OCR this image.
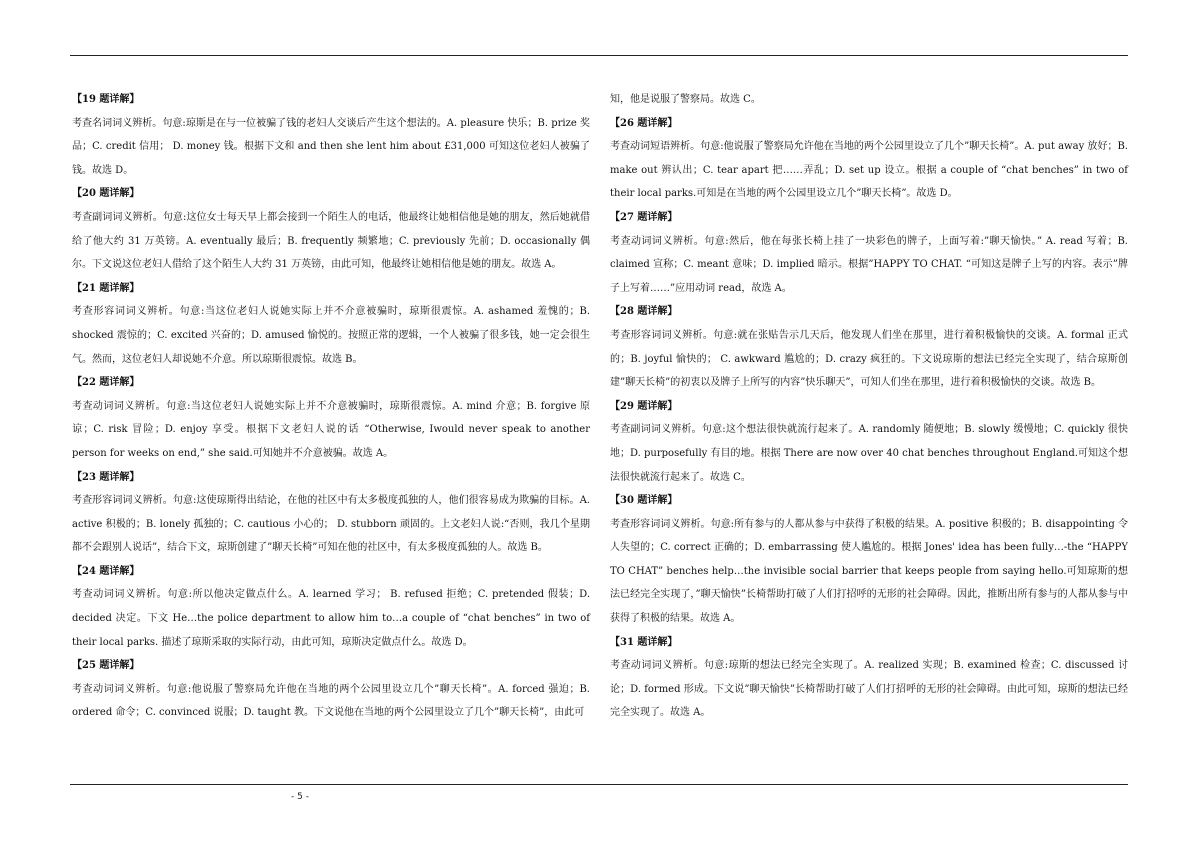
【19 题详解】

考查名词词义辨析。句意:琼斯是在与一位被骗了钱的老妇人交谈后产生这个想法的。A. pleasure 快乐；B. prize 奖品；C. credit 信用； D. money 钱。根据下文和 and then she lent him about £31,000 可知这位老妇人被骗了钱。故选 D。

【20 题详解】

考查副词词义辨析。句意:这位女士每天早上都会接到一个陌生人的电话，他最终让她相信他是她的朋友，然后她就借给了他大约 31 万英镑。A. eventually 最后；B. frequently 频繁地；C. previously 先前；D. occasionally 偶尔。下文说这位老妇人借给了这个陌生人大约 31 万英镑，由此可知，他最终让她相信他是她的朋友。故选 A。

【21 题详解】

考查形容词词义辨析。句意:当这位老妇人说她实际上并不介意被骗时，琼斯很震惊。A. ashamed 羞愧的；B. shocked 震惊的；C. excited 兴奋的；D. amused 愉悦的。按照正常的逻辑，一个人被骗了很多钱，她一定会很生气。然而，这位老妇人却说她不介意。所以琼斯很震惊。故选 B。

【22 题详解】

考查动词词义辨析。句意:当这位老妇人说她实际上并不介意被骗时，琼斯很震惊。A. mind 介意；B. forgive 原谅；C. risk 冒险；D. enjoy 享受。根据下文老妇人说的话 “Otherwise, Iwould never speak to another person for weeks on end,” she said.可知她并不介意被骗。故选 A。

【23 题详解】

考查形容词词义辨析。句意:这使琼斯得出结论，在他的社区中有太多极度孤独的人，他们很容易成为欺骗的目标。A. active 积极的；B. lonely 孤独的；C. cautious 小心的； D. stubborn 顽固的。上文老妇人说:“否则，我几个星期都不会跟别人说话”，结合下文，琼斯创建了”聊天长椅”可知在他的社区中，有太多极度孤独的人。故选 B。

【24 题详解】

考查动词词义辨析。句意:所以他决定做点什么。A. learned 学习； B. refused 拒绝；C. pretended 假装；D. decided 决定。下文 He…the police department to allow him to…a couple of “chat benches” in two of their local parks. 描述了琼斯采取的实际行动，由此可知，琼斯决定做点什么。故选 D。

【25 题详解】

考查动词词义辨析。句意:他说服了警察局允许他在当地的两个公园里设立几个”聊天长椅”。A. forced 强迫；B. ordered 命令；C. convinced 说服；D. taught 教。下文说他在当地的两个公园里设立了几个”聊天长椅”，由此可

知，他是说服了警察局。故选 C。

【26 题详解】

考查动词短语辨析。句意:他说服了警察局允许他在当地的两个公园里设立了几个”聊天长椅”。A. put away 放好；B. make out 辨认出；C. tear apart 把……弄乱；D. set up 设立。根据 a couple of “chat benches” in two of their local parks.可知是在当地的两个公园里设立几个”聊天长椅”。故选 D。

【27 题详解】

考查动词词义辨析。句意:然后，他在每张长椅上挂了一块彩色的牌子，上面写着:”聊天愉快。” A. read 写着；B. claimed 宣称；C. meant 意味；D. implied 暗示。根据”HAPPY TO CHAT. “可知这是牌子上写的内容。表示”牌子上写着……”应用动词 read，故选 A。

【28 题详解】

考查形容词词义辨析。句意:就在张贴告示几天后，他发现人们坐在那里，进行着积极愉快的交谈。A. formal 正式的；B. joyful 愉快的； C. awkward 尴尬的；D. crazy 疯狂的。下文说琼斯的想法已经完全实现了，结合琼斯创建”聊天长椅”的初衷以及牌子上所写的内容”快乐聊天”，可知人们坐在那里，进行着积极愉快的交谈。故选 B。

【29 题详解】

考查副词词义辨析。句意:这个想法很快就流行起来了。A. randomly 随便地；B. slowly 缓慢地；C. quickly 很快地；D. purposefully 有目的地。根据 There are now over 40 chat benches throughout England.可知这个想法很快就流行起来了。故选 C。

【30 题详解】

考查形容词词义辨析。句意:所有参与的人都从参与中获得了积极的结果。A. positive 积极的；B. disappointing 令人失望的；C. correct 正确的；D. embarrassing 使人尴尬的。根据 Jones' idea has been fully…-the “HAPPY TO CHAT” benches help…the invisible social barrier that keeps people from saying hello.可知琼斯的想法已经完全实现了，”聊天愉快”长椅帮助打破了人们打招呼的无形的社会障碍。因此，推断出所有参与的人都从参与中获得了积极的结果。故选 A。

【31 题详解】

考查动词词义辨析。句意:琼斯的想法已经完全实现了。A. realized 实现；B. examined 检查；C. discussed 讨论；D. formed 形成。下文说”聊天愉快”长椅帮助打破了人们打招呼的无形的社会障碍。由此可知，琼斯的想法已经完全实现了。故选 A。

- 5 -
